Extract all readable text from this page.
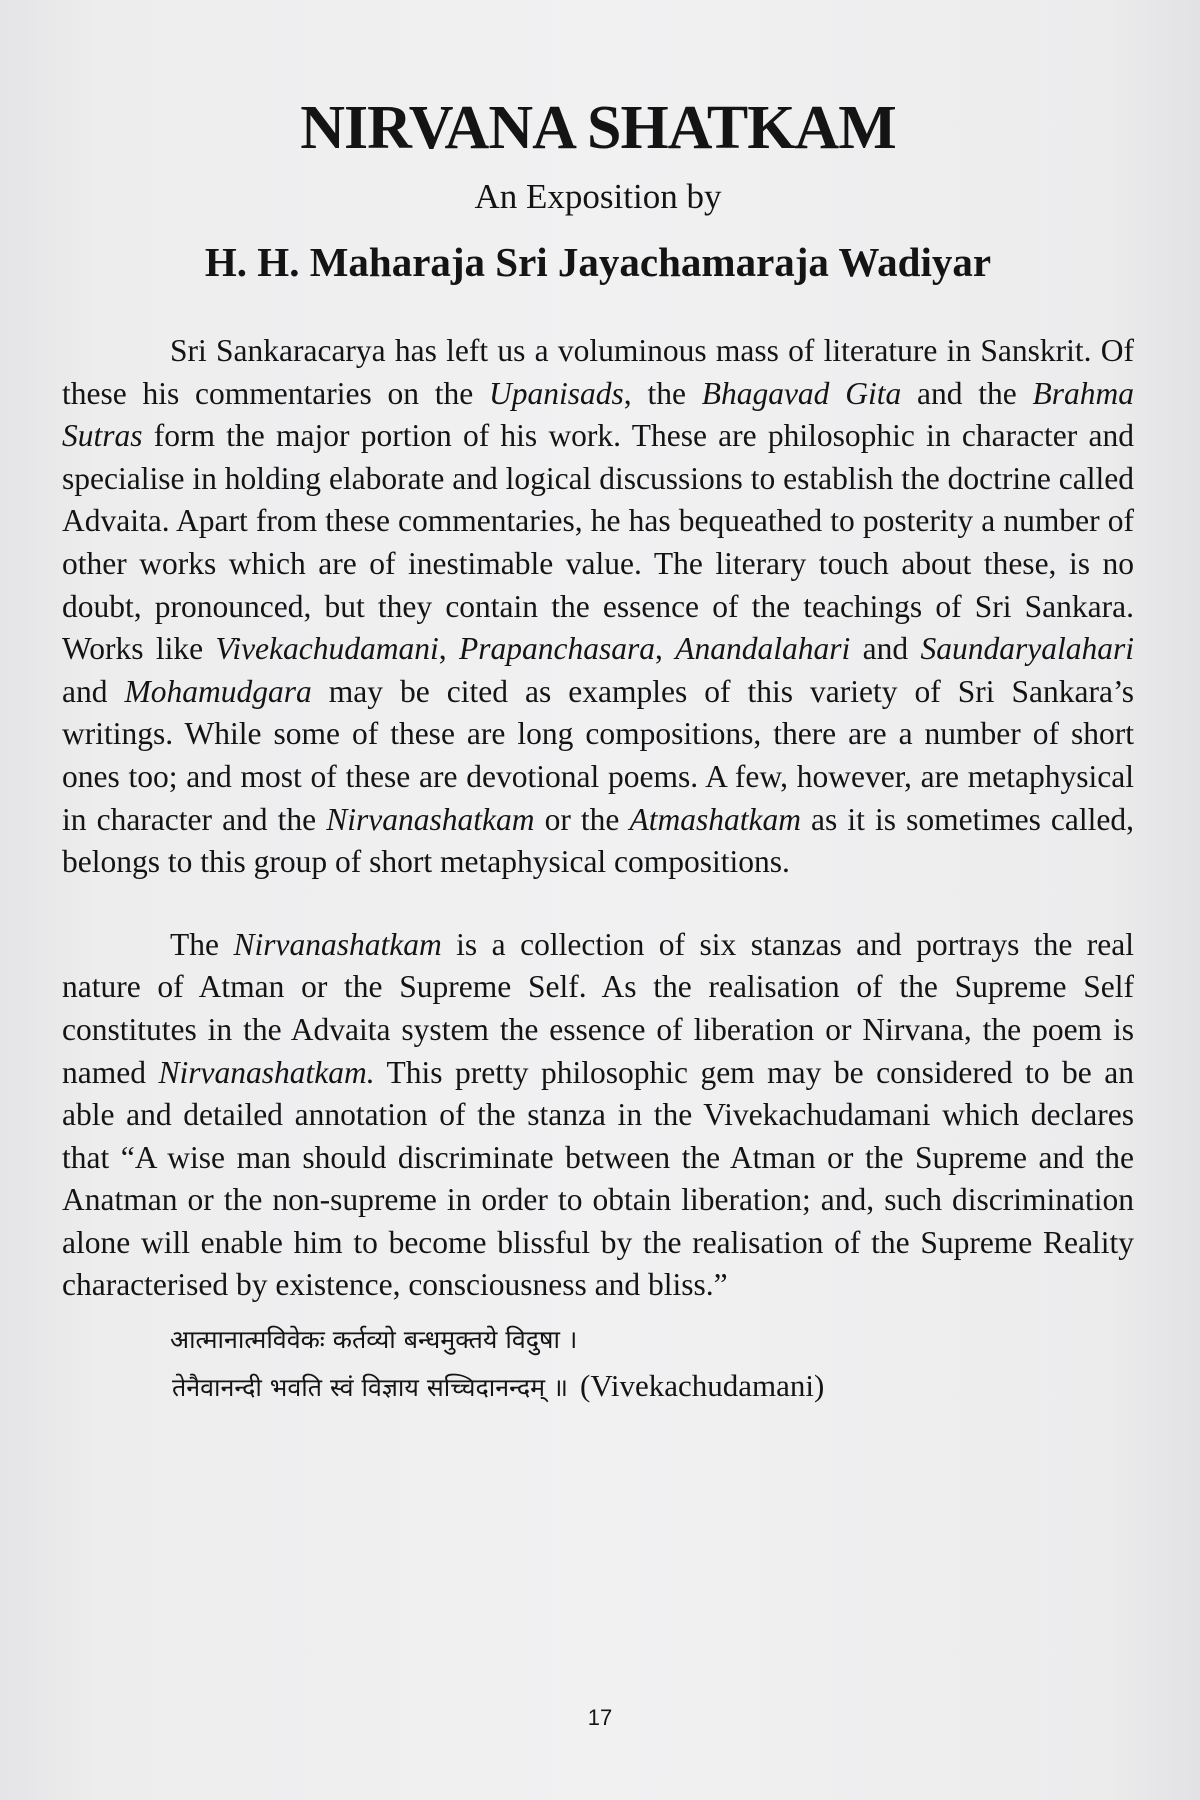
NIRVANA SHATKAM
An Exposition by
H. H. Maharaja Sri Jayachamaraja Wadiyar

Sri Sankaracarya has left us a voluminous mass of literature in Sanskrit. Of these his commentaries on the Upanisads, the Bhagavad Gita and the Brahma Sutras form the major portion of his work. These are philosophic in character and specialise in holding elaborate and logical discussions to establish the doctrine called Advaita. Apart from these commentaries, he has bequeathed to posterity a number of other works which are of inestimable value. The literary touch about these, is no doubt, pronounced, but they contain the essence of the teachings of Sri Sankara. Works like Vivekachudamani, Prapanchasara, Anandalahari and Saundaryalahari and Mohamudgara may be cited as examples of this variety of Sri Sankara’s writings. While some of these are long compositions, there are a number of short ones too; and most of these are devotional poems. A few, however, are metaphysical in character and the Nirvanashatkam or the Atmashatkam as it is sometimes called, belongs to this group of short metaphysical compositions.

The Nirvanashatkam is a collection of six stanzas and portrays the real nature of Atman or the Supreme Self. As the realisation of the Supreme Self constitutes in the Advaita system the essence of liberation or Nirvana, the poem is named Nirvanashatkam. This pretty philosophic gem may be considered to be an able and detailed annotation of the stanza in the Vivekachudamani which declares that “A wise man should discriminate between the Atman or the Supreme and the Anatman or the non-supreme in order to obtain liberation; and, such discrimination alone will enable him to become blissful by the realisation of the Supreme Reality characterised by existence, consciousness and bliss.”

आत्मानात्मविवेकः कर्तव्यो बन्धमुक्तये विदुषा ।
तेनैवानन्दी भवति स्वं विज्ञाय सच्चिदानन्दम् ॥ (Vivekachudamani)
17
